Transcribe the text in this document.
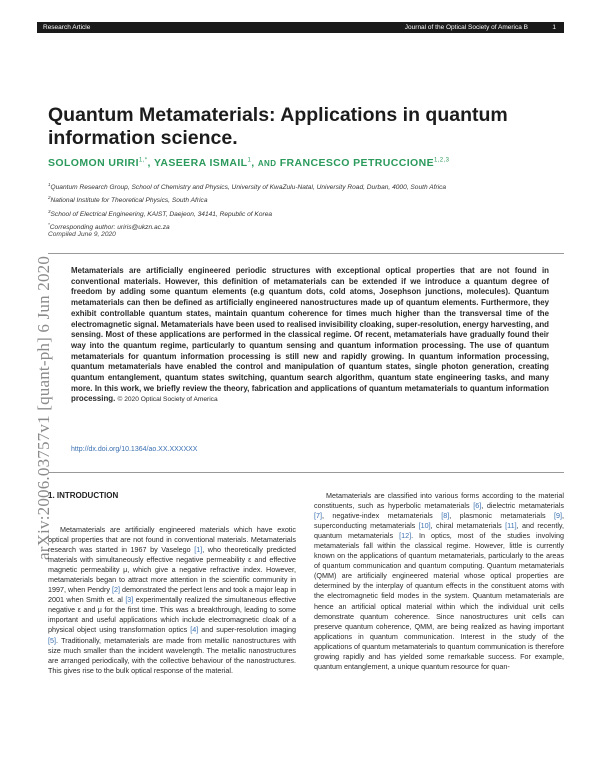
Research Article	Journal of the Optical Society of America B	1
arXiv:2006.03757v1 [quant-ph] 6 Jun 2020
Quantum Metamaterials: Applications in quantum information science.
SOLOMON $URIRI^{1,*}$, YASEERA ISMAIL$^1$, AND FRANCESCO PETRUCCIONE$^{1,2,3}$
$^1$Quantum Research Group, School of Chemistry and Physics, University of KwaZulu-Natal, University Road, Durban, 4000, South Africa
$^2$National Institute for Theoretical Physics, South Africa
$^3$School of Electrical Engineering, KAIST, Daejeon, 34141, Republic of Korea
*Corresponding author: uriris@ukzn.ac.za
Compiled June 9, 2020
Metamaterials are artificially engineered periodic structures with exceptional optical properties that are not found in conventional materials. However, this definition of metamaterials can be extended if we introduce a quantum degree of freedom by adding some quantum elements (e.g quantum dots, cold atoms, Josephson junctions, molecules). Quantum metamaterials can then be defined as artificially engineered nanostructures made up of quantum elements. Furthermore, they exhibit controllable quantum states, maintain quantum coherence for times much higher than the transversal time of the electromagnetic signal. Metamaterials have been used to realised invisibility cloaking, super-resolution, energy harvesting, and sensing. Most of these applications are performed in the classical regime. Of recent, metamaterials have gradually found their way into the quantum regime, particularly to quantum sensing and quantum information processing. The use of quantum metamaterials for quantum information processing is still new and rapidly growing. In quantum information processing, quantum metamaterials have enabled the control and manipulation of quantum states, single photon generation, creating quantum entanglement, quantum states switching, quantum search algorithm, quantum state engineering tasks, and many more. In this work, we briefly review the theory, fabrication and applications of quantum metamaterials to quantum information processing. © 2020 Optical Society of America
http://dx.doi.org/10.1364/ao.XX.XXXXXX
1. INTRODUCTION

Metamaterials are artificially engineered materials which have exotic optical properties that are not found in conventional materials. Metamaterials research was started in 1967 by Vaselego [1], who theoretically predicted materials with simultaneously effective negative permeability ε and effective magnetic permeability μ, which give a negative refractive index. However, metamaterials began to attract more attention in the scientific community in 1997, when Pendry [2] demonstrated the perfect lens and took a major leap in 2001 when Smith et. al [3] experimentally realized the simultaneous effective negative ε and μ for the first time. This was a breakthrough, leading to some important and useful applications which include electromagnetic cloak of a physical object using transformation optics [4] and super-resolution imaging [5]. Traditionally, metamaterials are made from metallic nanostructures with size much smaller than the incident wavelength. The metallic nanostructures are arranged periodically, with the collective behaviour of the nanostructures. This gives rise to the bulk optical response of the material.

Metamaterials are classified into various forms according to the material constituents, such as hyperbolic metamaterials [6], dielectric metamaterials [7], negative-index metamaterials [8], plasmonic metamaterials [9], superconducting metamaterials [10], chiral metamaterials [11], and recently, quantum metamaterials [12]. In optics, most of the studies involving metamaterials fall within the classical regime. However, little is currently known on the applications of quantum metamaterials, particularly to the areas of quantum communication and quantum computing. Quantum metamaterials (QMM) are artificially engineered material whose optical properties are determined by the interplay of quantum effects in the constituent atoms with the electromagnetic field modes in the system. Quantum metamaterials are hence an artificial optical material within which the individual unit cells demonstrate quantum coherence. Since nanostructures unit cells can preserve quantum coherence, QMM, are being realized as having important applications in quantum communication. Interest in the study of the applications of quantum metamaterials to quantum communication is therefore growing rapidly and has yielded some remarkable success. For example, quantum entanglement, a unique quantum resource for quan-
